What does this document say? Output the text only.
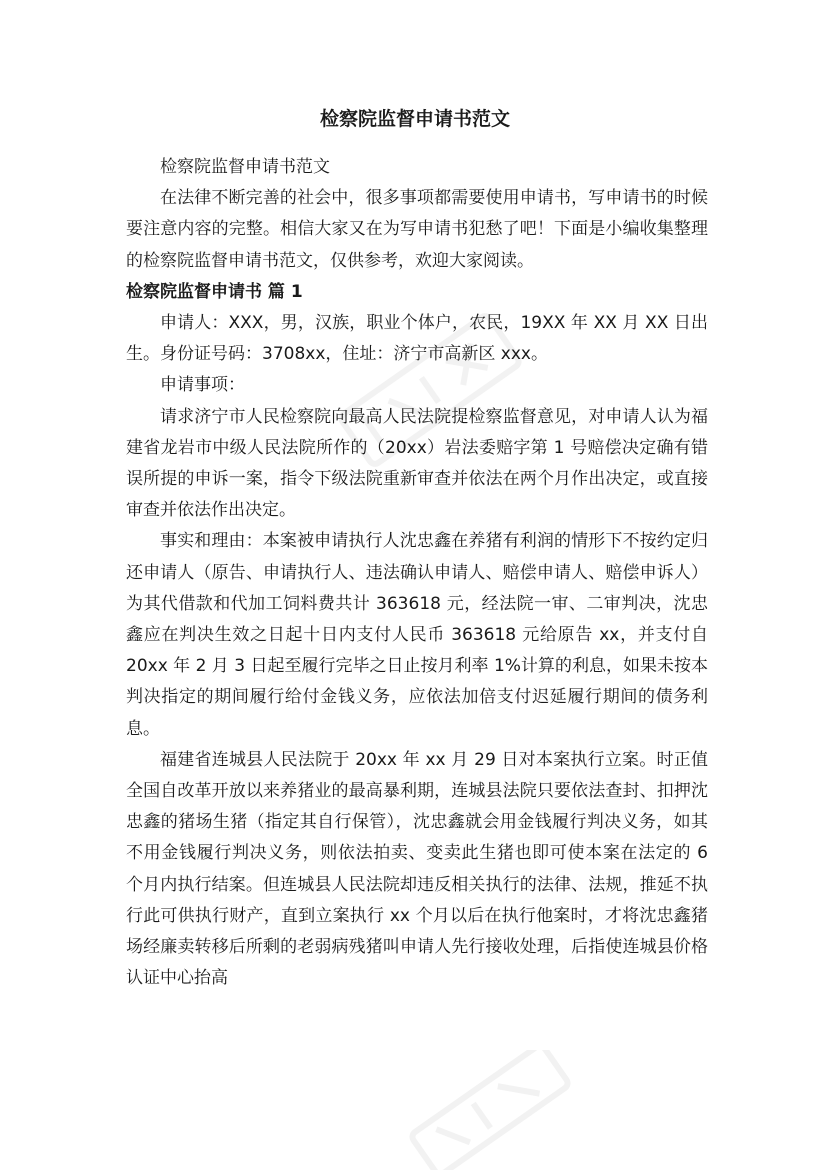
检察院监督申请书范文

检察院监督申请书范文

在法律不断完善的社会中，很多事项都需要使用申请书，写申请书的时候要注意内容的完整。相信大家又在为写申请书犯愁了吧！下面是小编收集整理的检察院监督申请书范文，仅供参考，欢迎大家阅读。

检察院监督申请书 篇 1

申请人：XXX，男，汉族，职业个体户，农民，19XX 年 XX 月 XX 日出生。身份证号码：3708xx，住址：济宁市高新区 xxx。

申请事项：

请求济宁市人民检察院向最高人民法院提检察监督意见，对申请人认为福建省龙岩市中级人民法院所作的（20xx）岩法委赔字第 1 号赔偿决定确有错误所提的申诉一案，指令下级法院重新审查并依法在两个月作出决定，或直接审查并依法作出决定。

事实和理由：本案被申请执行人沈忠鑫在养猪有利润的情形下不按约定归还申请人（原告、申请执行人、违法确认申请人、赔偿申请人、赔偿申诉人）为其代借款和代加工饲料费共计 363618 元，经法院一审、二审判决，沈忠鑫应在判决生效之日起十日内支付人民币 363618 元给原告 xx，并支付自 20xx 年 2 月 3 日起至履行完毕之日止按月利率 1%计算的利息，如果未按本判决指定的期间履行给付金钱义务，应依法加倍支付迟延履行期间的债务利息。

福建省连城县人民法院于 20xx 年 xx 月 29 日对本案执行立案。时正值全国自改革开放以来养猪业的最高暴利期，连城县法院只要依法查封、扣押沈忠鑫的猪场生猪（指定其自行保管），沈忠鑫就会用金钱履行判决义务，如其不用金钱履行判决义务，则依法拍卖、变卖此生猪也即可使本案在法定的 6 个月内执行结案。但连城县人民法院却违反相关执行的法律、法规，推延不执行此可供执行财产，直到立案执行 xx 个月以后在执行他案时，才将沈忠鑫猪场经廉卖转移后所剩的老弱病残猪叫申请人先行接收处理，后指使连城县价格认证中心抬高
